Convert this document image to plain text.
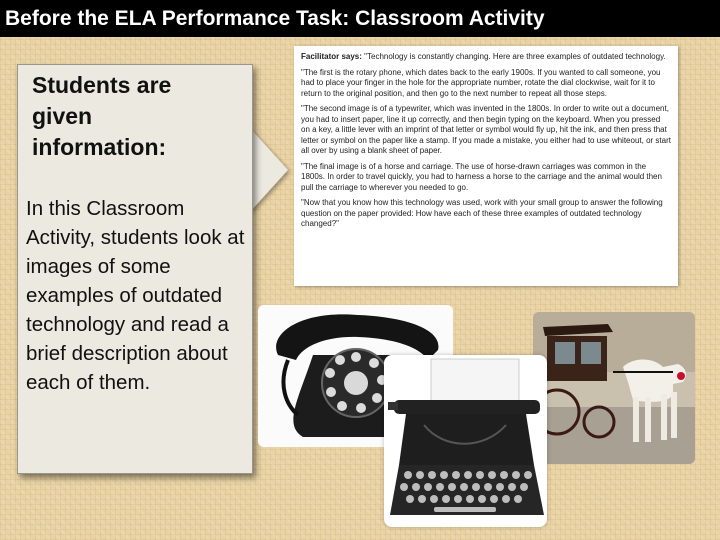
Before the ELA Performance Task: Classroom Activity
Students are given information:
In this Classroom Activity, students look at images of some examples of outdated technology and read a brief description about each of them.

Facilitator says: "Technology is constantly changing. Here are three examples of outdated technology.

"The first is the rotary phone, which dates back to the early 1900s. If you wanted to call someone, you had to place your finger in the hole for the appropriate number, rotate the dial clockwise, wait for it to return to the original position, and then go to the next number to repeat all those steps.

"The second image is of a typewriter, which was invented in the 1800s. In order to write out a document, you had to insert paper, line it up correctly, and then begin typing on the keyboard. When you pressed on a key, a little lever with an imprint of that letter or symbol would fly up, hit the ink, and then press that letter or symbol on the paper like a stamp. If you made a mistake, you either had to use whiteout, or start all over by using a blank sheet of paper.

"The final image is of a horse and carriage. The use of horse-drawn carriages was common in the 1800s. In order to travel quickly, you had to harness a horse to the carriage and the animal would then pull the carriage to wherever you needed to go.

"Now that you know how this technology was used, work with your small group to answer the following question on the paper provided: How have each of these three examples of outdated technology changed?"
